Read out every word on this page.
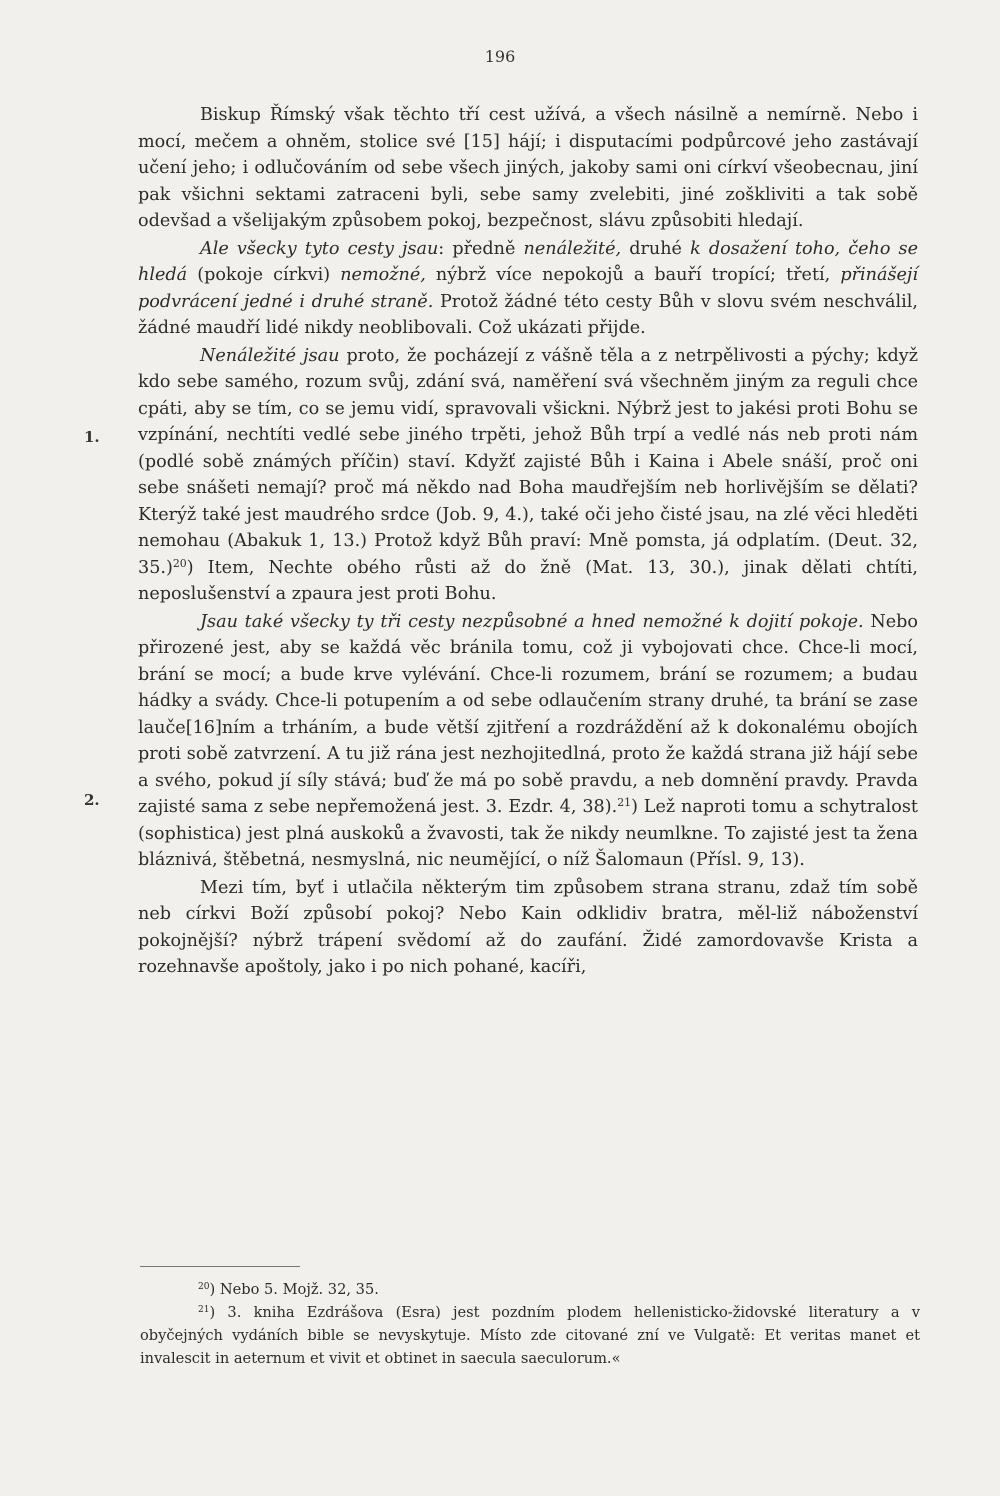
196
1.
2.

Biskup Římský však těchto tří cest užívá, a všech násilně a nemírně. Nebo i mocí, mečem a ohněm, stolice své [15] hájí; i disputacími podpůrcové jeho zastávají učení jeho; i odlučováním od sebe všech jiných, jakoby sami oni církví všeobecnau, jiní pak všichni sektami zatraceni byli, sebe samy zvelebiti, jiné zoškliviti a tak sobě odevšad a všelijakým způsobem pokoj, bezpečnost, slávu způsobiti hledají.

Ale všecky tyto cesty jsau: předně nenáležité, druhé k dosažení toho, čeho se hledá (pokoje církvi) nemožné, nýbrž více nepokojů a bauří tropící; třetí, přinášejí podvrácení jedné i druhé straně. Protož žádné této cesty Bůh v slovu svém neschválil, žádné maudří lidé nikdy neoblibovali. Což ukázati přijde.

Nenáležité jsau proto, že pocházejí z vášně těla a z netrpělivosti a pýchy; když kdo sebe samého, rozum svůj, zdání svá, naměření svá všechněm jiným za reguli chce cpáti, aby se tím, co se jemu vidí, spravovali všickni. Nýbrž jest to jakési proti Bohu se vzpínání, nechtíti vedlé sebe jiného trpěti, jehož Bůh trpí a vedlé nás neb proti nám (podlé sobě známých příčin) staví. Kdyžť zajisté Bůh i Kaina i Abele snáší, proč oni sebe snášeti nemají? proč má někdo nad Boha maudřejším neb horlivějším se dělati? Kterýž také jest maudrého srdce (Job. 9, 4.), také oči jeho čisté jsau, na zlé věci hleděti nemohau (Abakuk 1, 13.) Protož když Bůh praví: Mně pomsta, já odplatím. (Deut. 32, 35.)$^{20}$) Item, Nechte obého růsti až do žně (Mat. 13, 30.), jinak dělati chtíti, neposlušenství a zpaura jest proti Bohu.

Jsau také všecky ty tři cesty nezpůsobné a hned nemožné k dojití pokoje. Nebo přirozené jest, aby se každá věc bránila tomu, což ji vybojovati chce. Chce-li mocí, brání se mocí; a bude krve vylévání. Chce-li rozumem, brání se rozumem; a budau hádky a svády. Chce-li potupením a od sebe odlaučením strany druhé, ta brání se zase lauče[16]ním a trháním, a bude větší zjitření a rozdráždění až k dokonalému obojích proti sobě zatvrzení. A tu již rána jest nezhojitedlná, proto že každá strana již hájí sebe a svého, pokud jí síly stává; buď že má po sobě pravdu, a neb domnění pravdy. Pravda zajisté sama z sebe nepřemožená jest. 3. Ezdr. 4, 38).$^{21}$) Lež naproti tomu a schytralost (sophistica) jest plná auskoků a žvavosti, tak že nikdy neumlkne. To zajisté jest ta žena bláznivá, štěbetná, nesmyslná, nic neumějící, o níž Šalomaun (Přísl. 9, 13).

Mezi tím, byť i utlačila některým tim způsobem strana stranu, zdaž tím sobě neb církvi Boží způsobí pokoj? Nebo Kain odklidiv bratra, měl-liž náboženství pokojnější? nýbrž trápení svědomí až do zaufání. Židé zamordovavše Krista a rozehnavše apoštoly, jako i po nich pohané, kacíři,

$^{20}$) Nebo 5. Mojž. 32, 35.

$^{21}$) 3. kniha Ezdrášova (Esra) jest pozdním plodem hellenisticko-židovské literatury a v obyčejných vydáních bible se nevyskytuje. Místo zde citované zní ve Vulgatě: Et veritas manet et invalescit in aeternum et vivit et obtinet in saecula saeculorum.«
